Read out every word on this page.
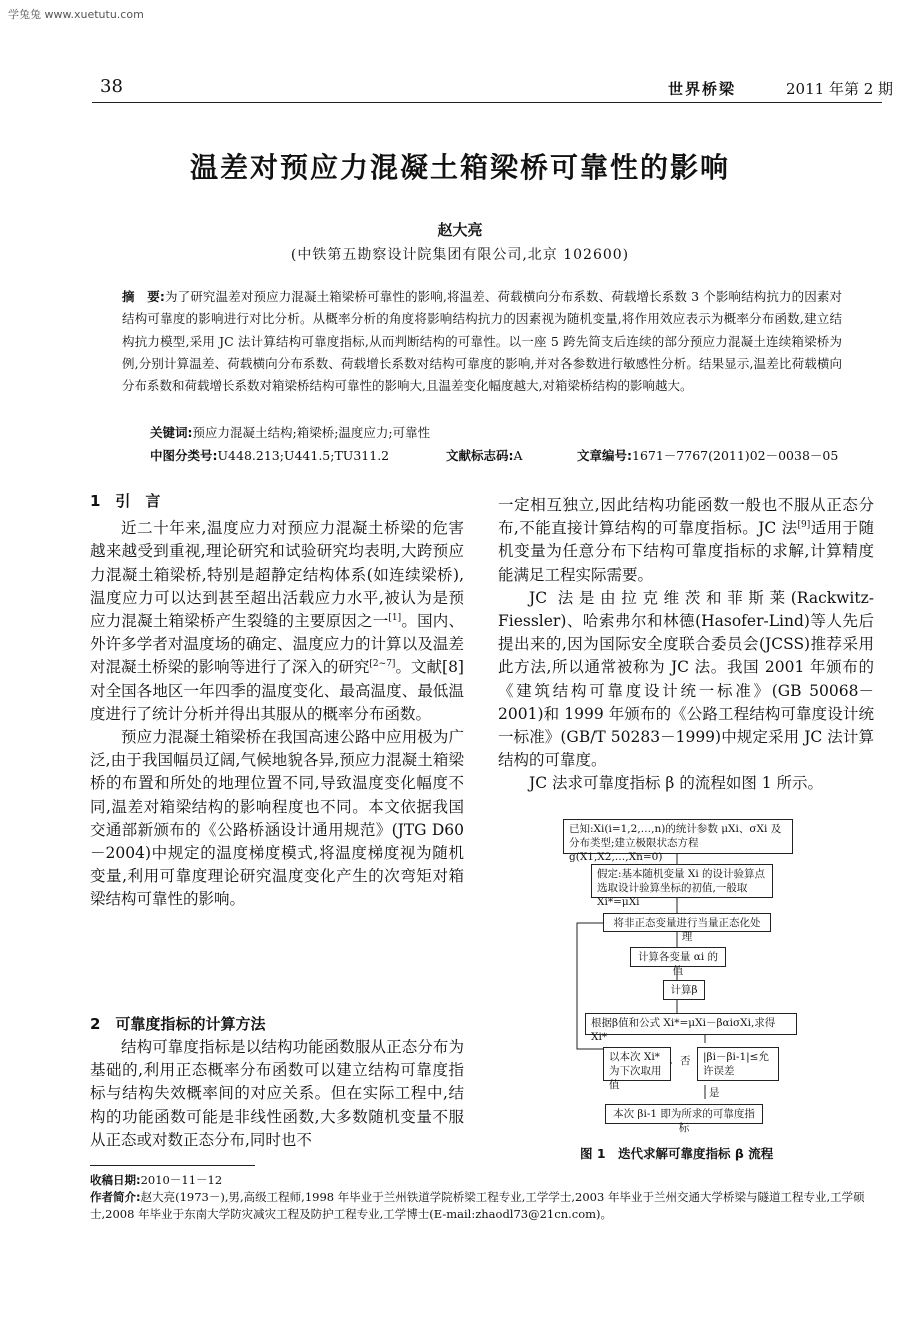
学兔兔 www.xuetutu.com
38	世界桥梁	2011 年第 2 期
温差对预应力混凝土箱梁桥可靠性的影响
赵大亮
(中铁第五勘察设计院集团有限公司,北京 102600)
摘　要:为了研究温差对预应力混凝土箱梁桥可靠性的影响,将温差、荷载横向分布系数、荷载增长系数 3 个影响结构抗力的因素对结构可靠度的影响进行对比分析。从概率分析的角度将影响结构抗力的因素视为随机变量,将作用效应表示为概率分布函数,建立结构抗力模型,采用 JC 法计算结构可靠度指标,从而判断结构的可靠性。以一座 5 跨先简支后连续的部分预应力混凝土连续箱梁桥为例,分别计算温差、荷载横向分布系数、荷载增长系数对结构可靠度的影响,并对各参数进行敏感性分析。结果显示,温差比荷载横向分布系数和荷载增长系数对箱梁桥结构可靠性的影响大,且温差变化幅度越大,对箱梁桥结构的影响越大。
关键词:预应力混凝土结构;箱梁桥;温度应力;可靠性
中图分类号:U448.213;U441.5;TU311.2	文献标志码:A	文章编号:1671－7767(2011)02－0038－05
1　引　言

近二十年来,温度应力对预应力混凝土桥梁的危害越来越受到重视,理论研究和试验研究均表明,大跨预应力混凝土箱梁桥,特别是超静定结构体系(如连续梁桥),温度应力可以达到甚至超出活载应力水平,被认为是预应力混凝土箱梁桥产生裂缝的主要原因之一[1]。国内、外许多学者对温度场的确定、温度应力的计算以及温差对混凝土桥梁的影响等进行了深入的研究[2~7]。文献[8]对全国各地区一年四季的温度变化、最高温度、最低温度进行了统计分析并得出其服从的概率分布函数。

预应力混凝土箱梁桥在我国高速公路中应用极为广泛,由于我国幅员辽阔,气候地貌各异,预应力混凝土箱梁桥的布置和所处的地理位置不同,导致温度变化幅度不同,温差对箱梁结构的影响程度也不同。本文依据我国交通部新颁布的《公路桥涵设计通用规范》(JTG D60－2004)中规定的温度梯度模式,将温度梯度视为随机变量,利用可靠度理论研究温度变化产生的次弯矩对箱梁结构可靠性的影响。

2　可靠度指标的计算方法

结构可靠度指标是以结构功能函数服从正态分布为基础的,利用正态概率分布函数可以建立结构可靠度指标与结构失效概率间的对应关系。但在实际工程中,结构的功能函数可能是非线性函数,大多数随机变量不服从正态或对数正态分布,同时也不

一定相互独立,因此结构功能函数一般也不服从正态分布,不能直接计算结构的可靠度指标。JC 法[9]适用于随机变量为任意分布下结构可靠度指标的求解,计算精度能满足工程实际需要。

JC 法是由拉克维茨和菲斯莱(Rackwitz-Fiessler)、哈索弗尔和林德(Hasofer-Lind)等人先后提出来的,因为国际安全度联合委员会(JCSS)推荐采用此方法,所以通常被称为 JC 法。我国 2001 年颁布的《建筑结构可靠度设计统一标准》(GB 50068－2001)和 1999 年颁布的《公路工程结构可靠度设计统一标准》(GB/T 50283－1999)中规定采用 JC 法计算结构的可靠度。

JC 法求可靠度指标 β 的流程如图 1 所示。

已知:Xi(i=1,2,…,n)的统计参数 μXi、σXi 及分布类型;建立极限状态方程 g(X1,X2,…,Xn=0)
假定:基本随机变量 Xi 的设计验算点选取设计验算坐标的初值,一般取 Xi*=μXi
将非正态变量进行当量正态化处理
计算各变量 αi 的值
计算β
根据β值和公式 Xi*=μXi－βαiσXi,求得 Xi*
以本次 Xi* 为下次取用值
否	|βi－βi-1|≤允许误差
是
本次 βi-1 即为所求的可靠度指标
图 1　迭代求解可靠度指标 β 流程
收稿日期:2010－11－12
作者简介:赵大亮(1973－),男,高级工程师,1998 年毕业于兰州铁道学院桥梁工程专业,工学学士,2003 年毕业于兰州交通大学桥梁与隧道工程专业,工学硕士,2008 年毕业于东南大学防灾减灾工程及防护工程专业,工学博士(E-mail:zhaodl73@21cn.com)。
